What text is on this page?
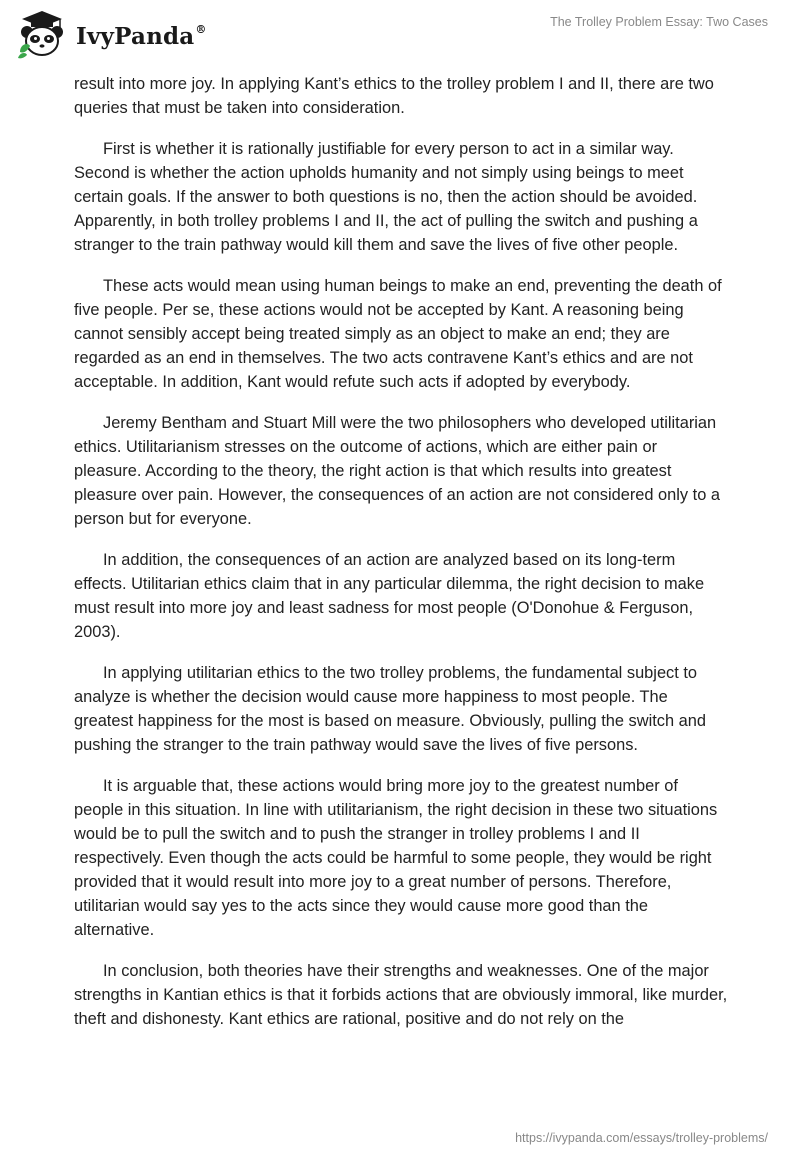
IvyPanda®	The Trolley Problem Essay: Two Cases

result into more joy. In applying Kant’s ethics to the trolley problem I and II, there are two queries that must be taken into consideration.

First is whether it is rationally justifiable for every person to act in a similar way. Second is whether the action upholds humanity and not simply using beings to meet certain goals. If the answer to both questions is no, then the action should be avoided. Apparently, in both trolley problems I and II, the act of pulling the switch and pushing a stranger to the train pathway would kill them and save the lives of five other people.

These acts would mean using human beings to make an end, preventing the death of five people. Per se, these actions would not be accepted by Kant. A reasoning being cannot sensibly accept being treated simply as an object to make an end; they are regarded as an end in themselves. The two acts contravene Kant’s ethics and are not acceptable. In addition, Kant would refute such acts if adopted by everybody.

Jeremy Bentham and Stuart Mill were the two philosophers who developed utilitarian ethics. Utilitarianism stresses on the outcome of actions, which are either pain or pleasure. According to the theory, the right action is that which results into greatest pleasure over pain. However, the consequences of an action are not considered only to a person but for everyone.

In addition, the consequences of an action are analyzed based on its long-term effects. Utilitarian ethics claim that in any particular dilemma, the right decision to make must result into more joy and least sadness for most people (O'Donohue & Ferguson, 2003).

In applying utilitarian ethics to the two trolley problems, the fundamental subject to analyze is whether the decision would cause more happiness to most people. The greatest happiness for the most is based on measure. Obviously, pulling the switch and pushing the stranger to the train pathway would save the lives of five persons.

It is arguable that, these actions would bring more joy to the greatest number of people in this situation. In line with utilitarianism, the right decision in these two situations would be to pull the switch and to push the stranger in trolley problems I and II respectively. Even though the acts could be harmful to some people, they would be right provided that it would result into more joy to a great number of persons. Therefore, utilitarian would say yes to the acts since they would cause more good than the alternative.

In conclusion, both theories have their strengths and weaknesses. One of the major strengths in Kantian ethics is that it forbids actions that are obviously immoral, like murder, theft and dishonesty. Kant ethics are rational, positive and do not rely on the

https://ivypanda.com/essays/trolley-problems/
